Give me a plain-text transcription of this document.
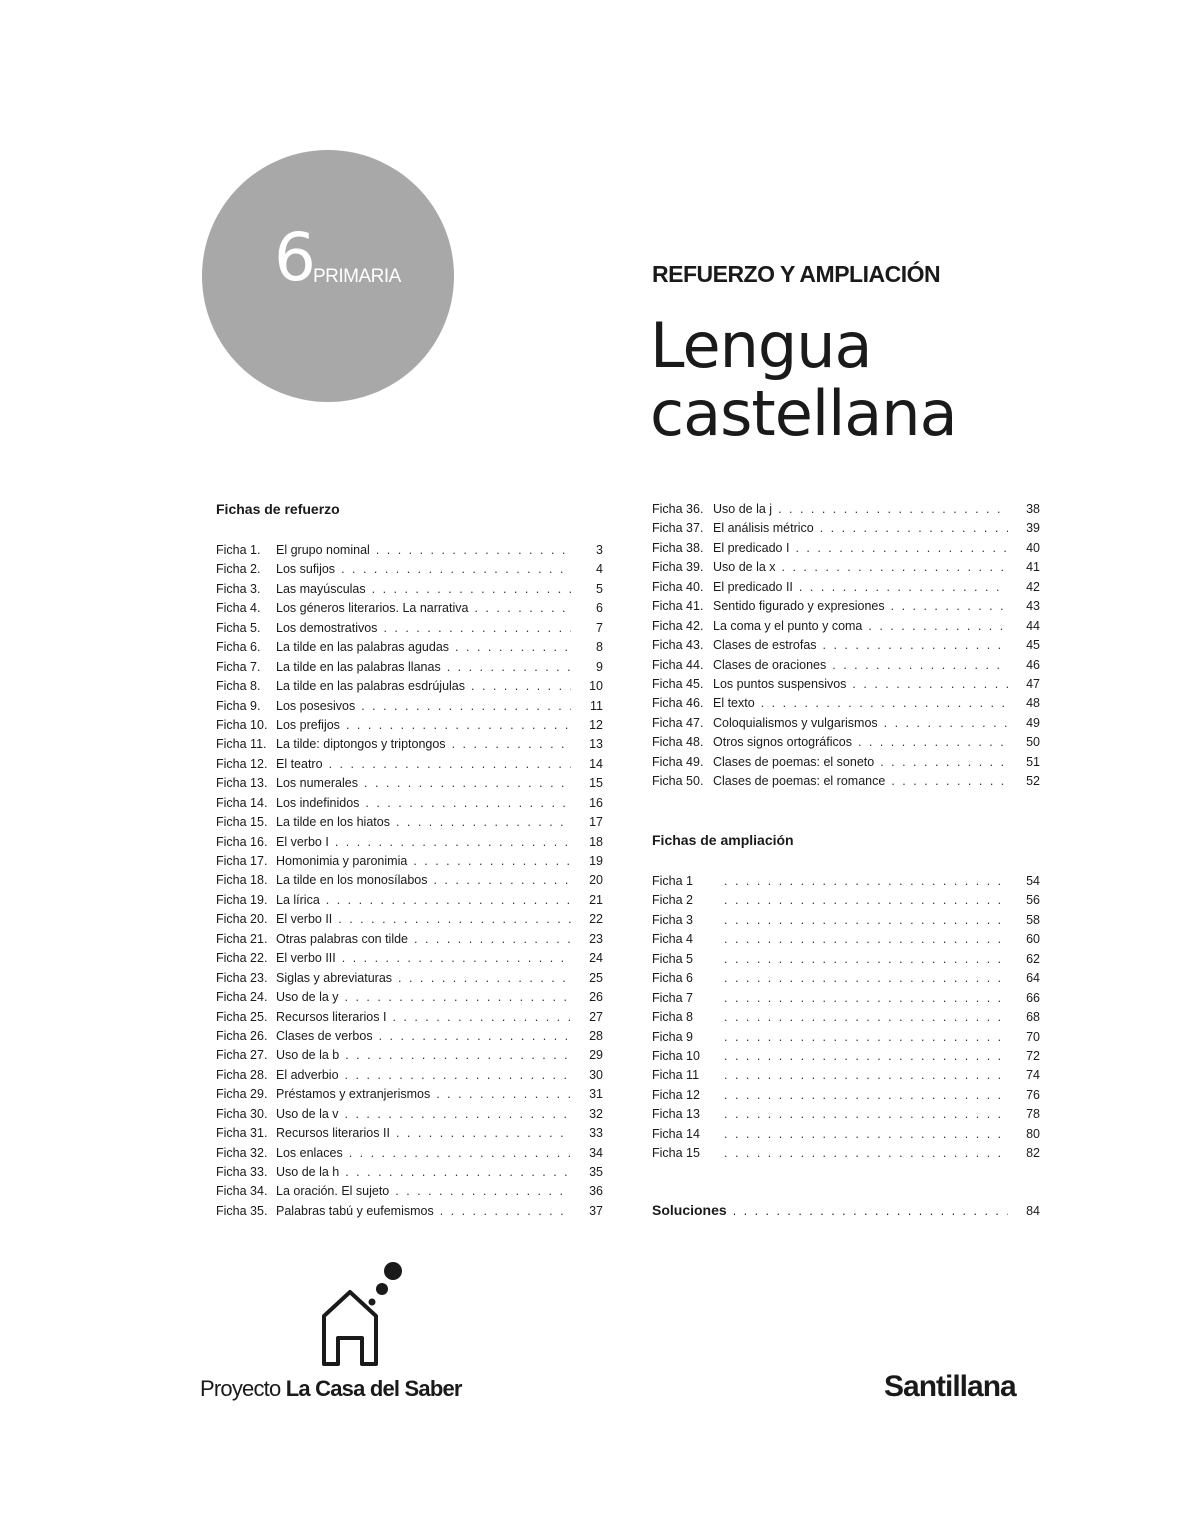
6
PRIMARIA	REFUERZO Y AMPLIACIÓN
Lengua
castellana
Fichas de refuerzo
Ficha 1.	El grupo nominal . . .	3
Ficha 2.	Los sufijos . . .	4
Ficha 3.	Las mayúsculas . . .	5
Ficha 4.	Los géneros literarios. La narrativa . . .	6
Ficha 5.	Los demostrativos . . .	7
Ficha 6.	La tilde en las palabras agudas . . .	8
Ficha 7.	La tilde en las palabras llanas . . .	9
Ficha 8.	La tilde en las palabras esdrújulas . . .	10
Ficha 9.	Los posesivos . . .	11
Ficha 10. Los prefijos . . .	12
Ficha 11. La tilde: diptongos y triptongos . . .	13
Ficha 12. El teatro . . .	14
Ficha 13. Los numerales . . .	15
Ficha 14. Los indefinidos . . .	16
Ficha 15. La tilde en los hiatos . . .	17
Ficha 16. El verbo I . . .	18
Ficha 17. Homonimia y paronimia . . .	19
Ficha 18. La tilde en los monosílabos . . .	20
Ficha 19. La lírica . . .	21
Ficha 20. El verbo II . . .	22
Ficha 21. Otras palabras con tilde . . .	23
Ficha 22. El verbo III . . .	24
Ficha 23. Siglas y abreviaturas . . .	25
Ficha 24. Uso de la y . . .	26
Ficha 25. Recursos literarios I . . .	27
Ficha 26. Clases de verbos . . .	28
Ficha 27. Uso de la b . . .	29
Ficha 28. El adverbio . . .	30
Ficha 29. Préstamos y extranjerismos . . .	31
Ficha 30. Uso de la v . . .	32
Ficha 31. Recursos literarios II . . .	33
Ficha 32. Los enlaces . . .	34
Ficha 33. Uso de la h . . .	35
Ficha 34. La oración. El sujeto . . .	36
Ficha 35. Palabras tabú y eufemismos . . .	37
Ficha 36. Uso de la j . . .	38
Ficha 37. El análisis métrico . . .	39
Ficha 38. El predicado I . . .	40
Ficha 39. Uso de la x . . .	41
Ficha 40. El predicado II . . .	42
Ficha 41. Sentido figurado y expresiones . . .	43
Ficha 42. La coma y el punto y coma . . .	44
Ficha 43. Clases de estrofas . . .	45
Ficha 44. Clases de oraciones . . .	46
Ficha 45. Los puntos suspensivos . . .	47
Ficha 46. El texto . . .	48
Ficha 47. Coloquialismos y vulgarismos . . .	49
Ficha 48. Otros signos ortográficos . . .	50
Ficha 49. Clases de poemas: el soneto . . .	51
Ficha 50. Clases de poemas: el romance . . .	52
Fichas de ampliación
Ficha 1 . . .	54
Ficha 2 . . .	56
Ficha 3 . . .	58
Ficha 4 . . .	60
Ficha 5 . . .	62
Ficha 6 . . .	64
Ficha 7 . . .	66
Ficha 8 . . .	68
Ficha 9 . . .	70
Ficha 10 . . .	72
Ficha 11 . . .	74
Ficha 12 . . .	76
Ficha 13 . . .	78
Ficha 14 . . .	80
Ficha 15 . . .	82
Soluciones . . .	84
Proyecto La Casa del Saber	Santillana
